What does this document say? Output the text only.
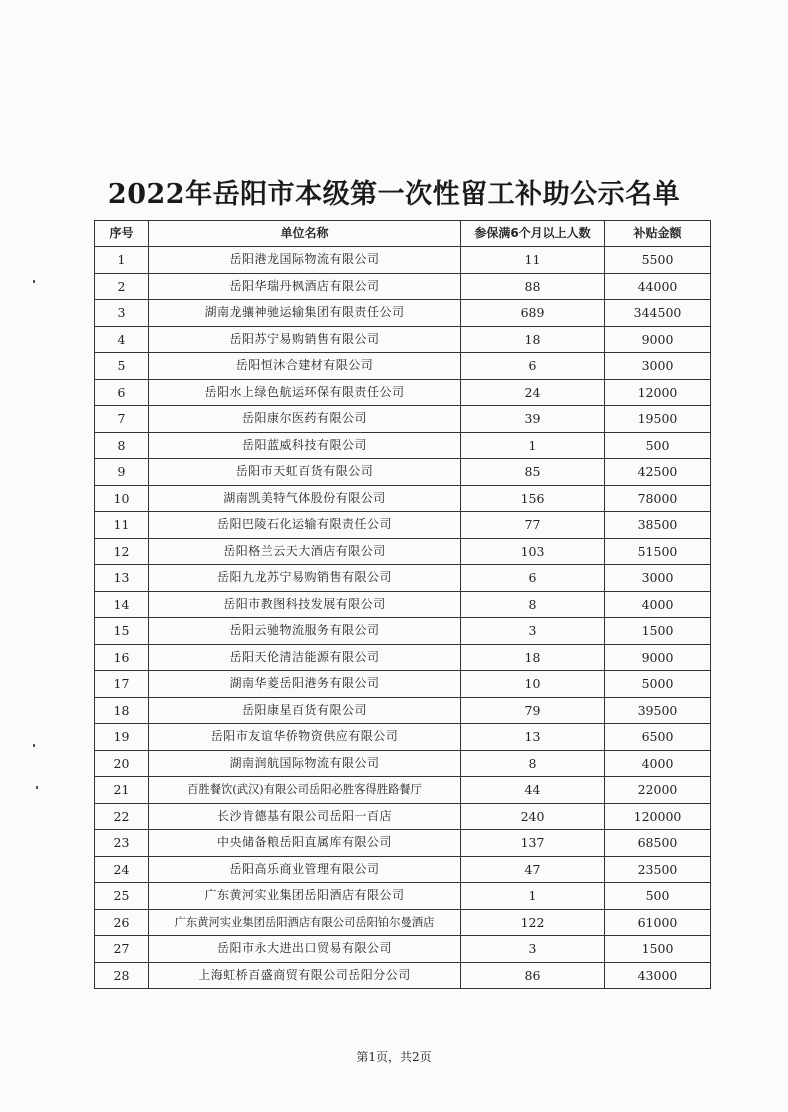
2022年岳阳市本级第一次性留工补助公示名单
序号	单位名称	参保满6个月以上人数	补贴金额
1	岳阳港龙国际物流有限公司	11	5500
2	岳阳华瑞丹枫酒店有限公司	88	44000
3	湖南龙骧神驰运输集团有限责任公司	689	344500
4	岳阳苏宁易购销售有限公司	18	9000
5	岳阳恒沐合建材有限公司	6	3000
6	岳阳水上绿色航运环保有限责任公司	24	12000
7	岳阳康尔医药有限公司	39	19500
8	岳阳蓝威科技有限公司	1	500
9	岳阳市天虹百货有限公司	85	42500
10	湖南凯美特气体股份有限公司	156	78000
11	岳阳巴陵石化运输有限责任公司	77	38500
12	岳阳格兰云天大酒店有限公司	103	51500
13	岳阳九龙苏宁易购销售有限公司	6	3000
14	岳阳市教图科技发展有限公司	8	4000
15	岳阳云驰物流服务有限公司	3	1500
16	岳阳天伦清洁能源有限公司	18	9000
17	湖南华菱岳阳港务有限公司	10	5000
18	岳阳康星百货有限公司	79	39500
19	岳阳市友谊华侨物资供应有限公司	13	6500
20	湖南润航国际物流有限公司	8	4000
21	百胜餐饮(武汉)有限公司岳阳必胜客得胜路餐厅	44	22000
22	长沙肯德基有限公司岳阳一百店	240	120000
23	中央储备粮岳阳直属库有限公司	137	68500
24	岳阳高乐商业管理有限公司	47	23500
25	广东黄河实业集团岳阳酒店有限公司	1	500
26	广东黄河实业集团岳阳酒店有限公司岳阳铂尔曼酒店	122	61000
27	岳阳市永大进出口贸易有限公司	3	1500
28	上海虹桥百盛商贸有限公司岳阳分公司	86	43000
第1页，共2页
